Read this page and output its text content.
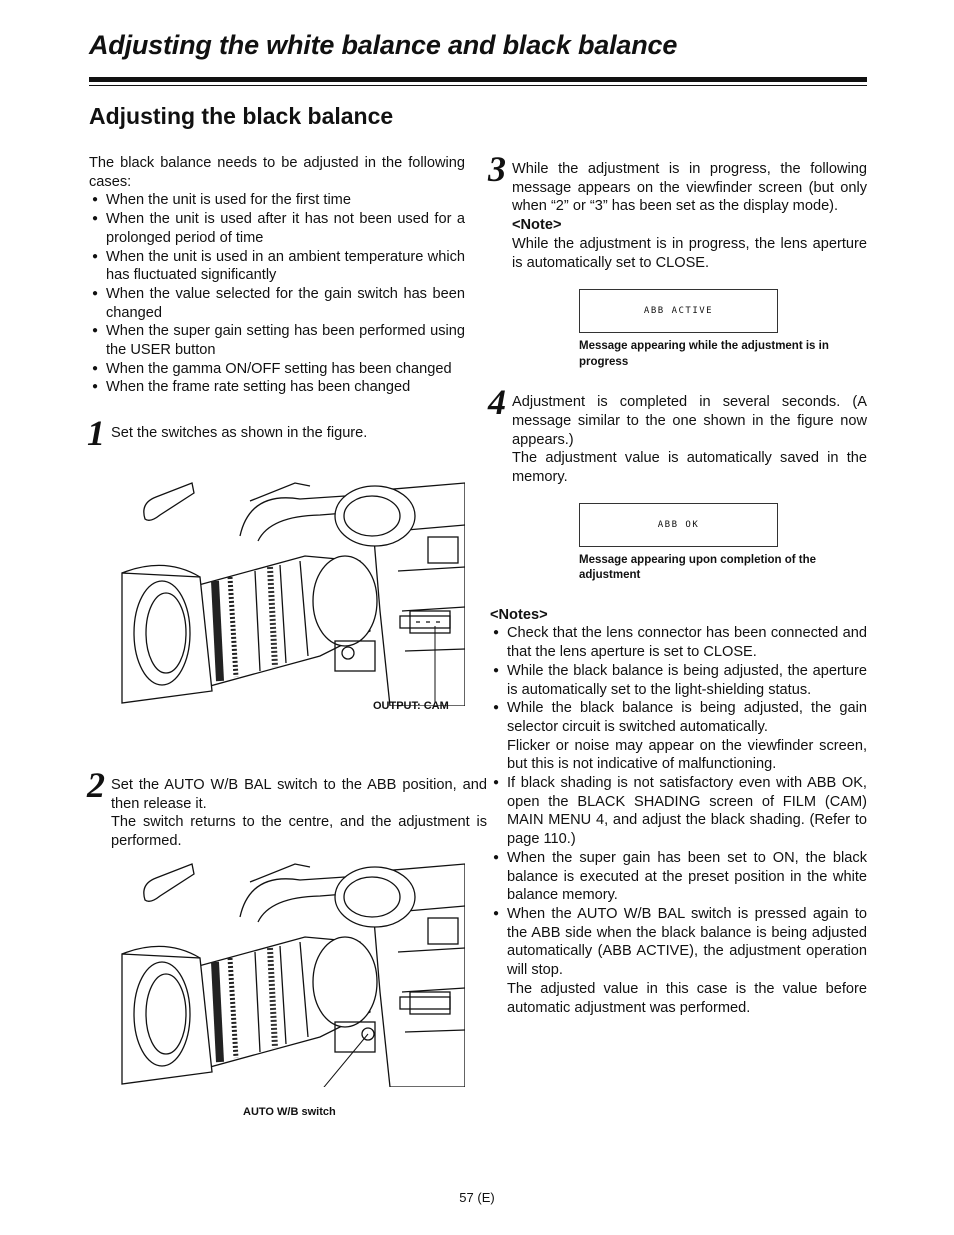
Adjusting the white balance and black balance
Adjusting the black balance
The black balance needs to be adjusted in the following cases:
● When the unit is used for the first time
● When the unit is used after it has not been used for a prolonged period of time
● When the unit is used in an ambient temperature which has fluctuated significantly
● When the value selected for the gain switch has been changed
● When the super gain setting has been performed using the USER button
● When the gamma ON/OFF setting has been changed
● When the frame rate setting has been changed
1 Set the switches as shown in the figure.
OUTPUT: CAM
2 Set the AUTO W/B BAL switch to the ABB position, and then release it.
The switch returns to the centre, and the adjustment is performed.
AUTO W/B switch
3 While the adjustment is in progress, the following message appears on the viewfinder screen (but only when “2” or “3” has been set as the display mode).
<Note>
While the adjustment is in progress, the lens aperture is automatically set to CLOSE.
ABB ACTIVE
Message appearing while the adjustment is in progress
4 Adjustment is completed in several seconds. (A message similar to the one shown in the figure now appears.)
The adjustment value is automatically saved in the memory.
ABB OK
Message appearing upon completion of the adjustment
<Notes>
● Check that the lens connector has been connected and that the lens aperture is set to CLOSE.
● While the black balance is being adjusted, the aperture is automatically set to the light-shielding status.
● While the black balance is being adjusted, the gain selector circuit is switched automatically.
Flicker or noise may appear on the viewfinder screen, but this is not indicative of malfunctioning.
● If black shading is not satisfactory even with ABB OK, open the BLACK SHADING screen of FILM (CAM) MAIN MENU 4, and adjust the black shading. (Refer to page 110.)
● When the super gain has been set to ON, the black balance is executed at the preset position in the white balance memory.
● When the AUTO W/B BAL switch is pressed again to the ABB side when the black balance is being adjusted automatically (ABB ACTIVE), the adjustment operation will stop.
The adjusted value in this case is the value before automatic adjustment was performed.
57 (E)
